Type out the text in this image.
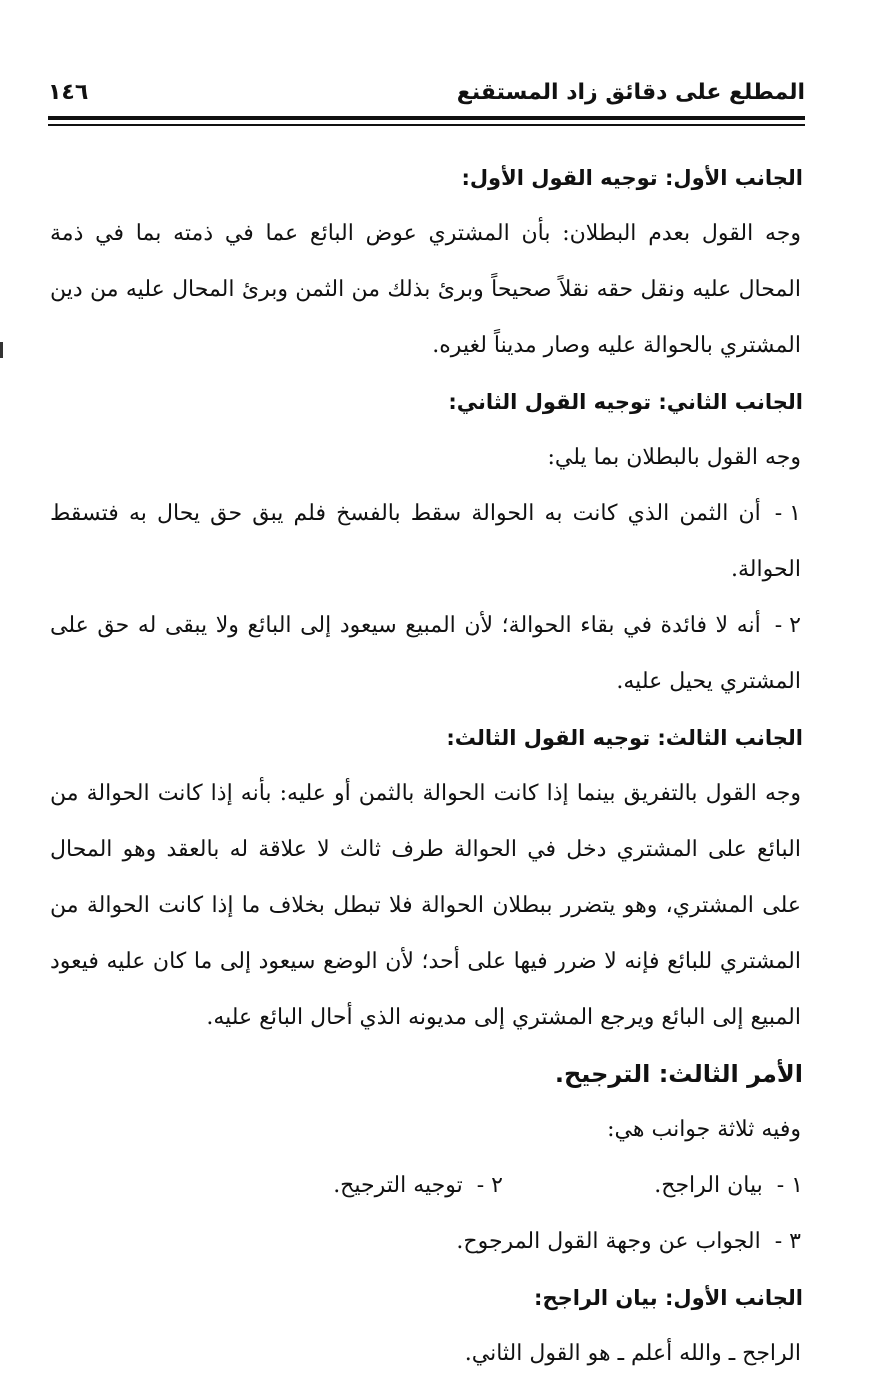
المطلع على دقائق زاد المستقنع
١٤٦

الجانب الأول: توجيه القول الأول:

وجه القول بعدم البطلان: بأن المشتري عوض البائع عما في ذمته بما في ذمة المحال عليه ونقل حقه نقلاً صحيحاً وبرئ بذلك من الثمن وبرئ المحال عليه من دين المشتري بالحوالة عليه وصار مديناً لغيره.

الجانب الثاني: توجيه القول الثاني:

وجه القول بالبطلان بما يلي:

١ -أن الثمن الذي كانت به الحوالة سقط بالفسخ فلم يبق حق يحال به فتسقط الحوالة.

٢ -أنه لا فائدة في بقاء الحوالة؛ لأن المبيع سيعود إلى البائع ولا يبقى له حق على المشتري يحيل عليه.

الجانب الثالث: توجيه القول الثالث:

وجه القول بالتفريق بينما إذا كانت الحوالة بالثمن أو عليه: بأنه إذا كانت الحوالة من البائع على المشتري دخل في الحوالة طرف ثالث لا علاقة له بالعقد وهو المحال على المشتري، وهو يتضرر ببطلان الحوالة فلا تبطل بخلاف ما إذا كانت الحوالة من المشتري للبائع فإنه لا ضرر فيها على أحد؛ لأن الوضع سيعود إلى ما كان عليه فيعود المبيع إلى البائع ويرجع المشتري إلى مديونه الذي أحال البائع عليه.

الأمر الثالث: الترجيح.

وفيه ثلاثة جوانب هي:

١ -بيان الراجح.
٢ -توجيه الترجيح.

٣ -الجواب عن وجهة القول المرجوح.

الجانب الأول: بيان الراجح:

الراجح ـ والله أعلم ـ هو القول الثاني.
